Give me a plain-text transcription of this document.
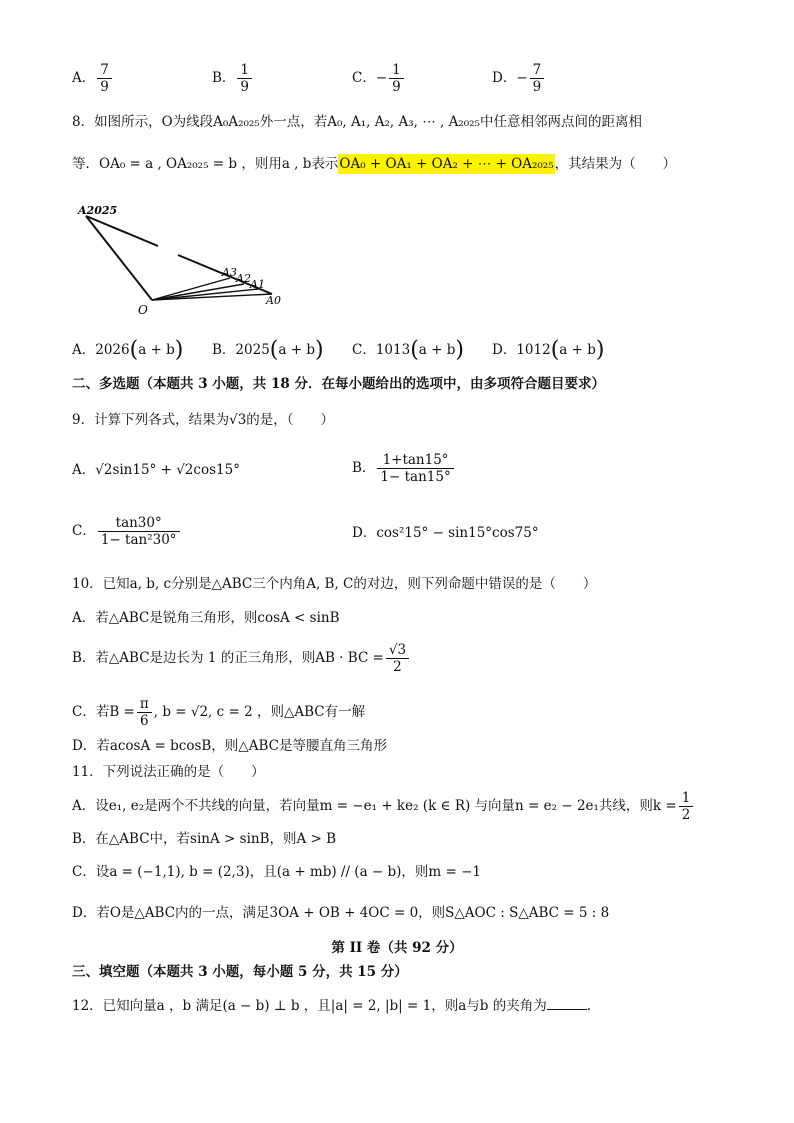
A． $\frac{7}{9}$	B． $\frac{1}{9}$	C．− $\frac{1}{9}$	D．− $\frac{7}{9}$
8．如图所示，O为线段A₀A₂₀₂₅外一点，若A₀, A₁, A₂, A₃, ⋯ , A₂₀₂₅中任意相邻两点间的距离相
等．OA₀ = a , OA₂₀₂₅ = b ，则用a , b表示OA₀ + OA₁ + OA₂ + ⋯ + OA₂₀₂₅，其结果为（　　）
A2025
O
A3 A2 A1
A0
A．2026(a + b) B．2025(a + b) C．1013(a + b) D．1012(a + b)
二、多选题（本题共 3 小题，共 18 分．在每小题给出的选项中，由多项符合题目要求）
9．计算下列各式，结果为√3的是，（　　）
A．√2sin15° + √2cos15°	B． $\frac{1+\tan 15^\circ}{1- \tan 15^\circ}$
C． $\frac{\tan 30^\circ}{\text{1− tan²30°}}$	D．cos²15° − sin15°cos75°
10．已知a, b, c分别是△ABC三个内角A, B, C的对边，则下列命题中错误的是（　　）
A．若△ABC是锐角三角形，则cosA < sinB
B．若△ABC是边长为 1 的正三角形，则AB · BC = $\frac{√3}{2}$
C．若$B = \frac{\pi}{6}$ , b = √2, c = 2 ，则△ABC有一解
D．若acosA = bcosB，则△ABC是等腰直角三角形
11．下列说法正确的是（　　）
A．设e₁, e₂是两个不共线的向量，若向量m = −e₁ + ke₂ (k ∈ R) 与向量n = e₂ − 2e₁共线，则$k = \frac{1}{2}$
B．在△ABC中，若sinA > sinB，则A > B
C．设a = (−1,1), b = (2,3)，且(a + mb) // (a − b)，则m = −1
D．若O是△ABC内的一点，满足3OA + OB + 4OC = 0，则S△AOC : S△ABC = 5 : 8
第 II 卷（共 92 分）
三、填空题（本题共 3 小题，每小题 5 分，共 15 分）
12．已知向量a ，b 满足(a − b) ⊥ b ，且|a| = 2, |b| = 1，则a与b 的夹角为	.
